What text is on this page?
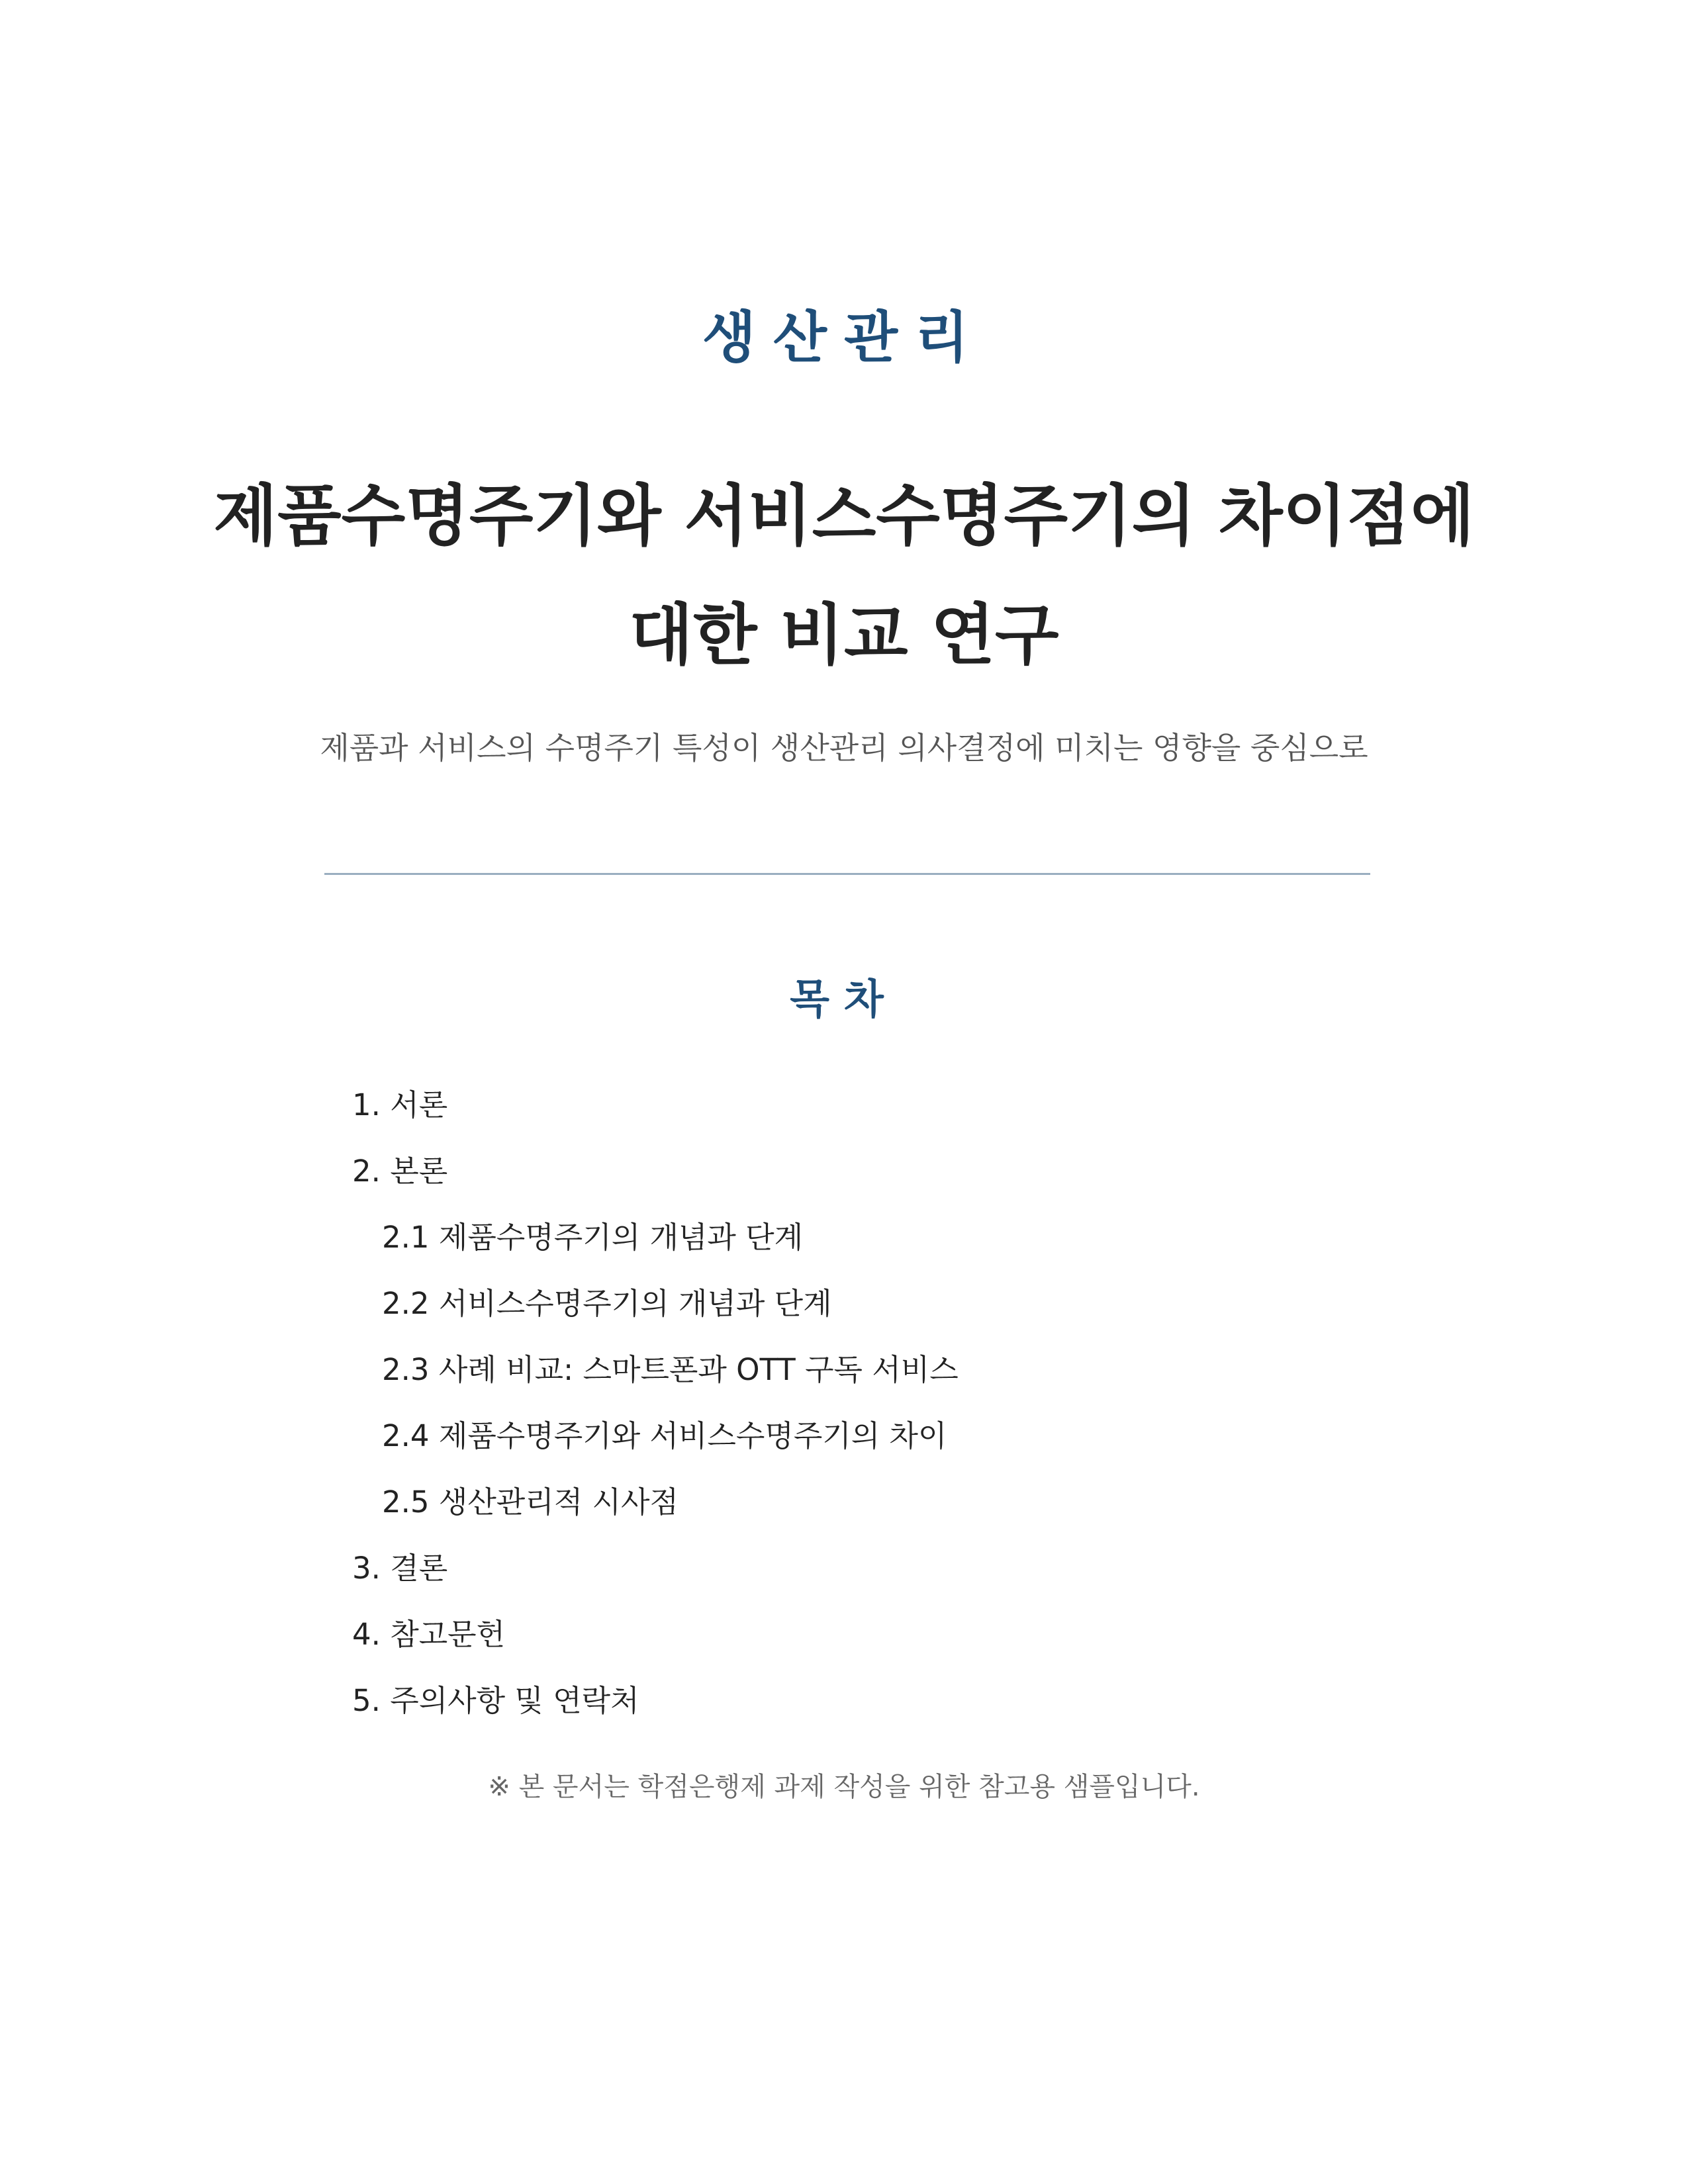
생산관리
제품수명주기와 서비스수명주기의 차이점에 대한 비교 연구
제품과 서비스의 수명주기 특성이 생산관리 의사결정에 미치는 영향을 중심으로
목차
1. 서론
2. 본론
2.1 제품수명주기의 개념과 단계
2.2 서비스수명주기의 개념과 단계
2.3 사례 비교: 스마트폰과 OTT 구독 서비스
2.4 제품수명주기와 서비스수명주기의 차이
2.5 생산관리적 시사점
3. 결론
4. 참고문헌
5. 주의사항 및 연락처
※ 본 문서는 학점은행제 과제 작성을 위한 참고용 샘플입니다.
